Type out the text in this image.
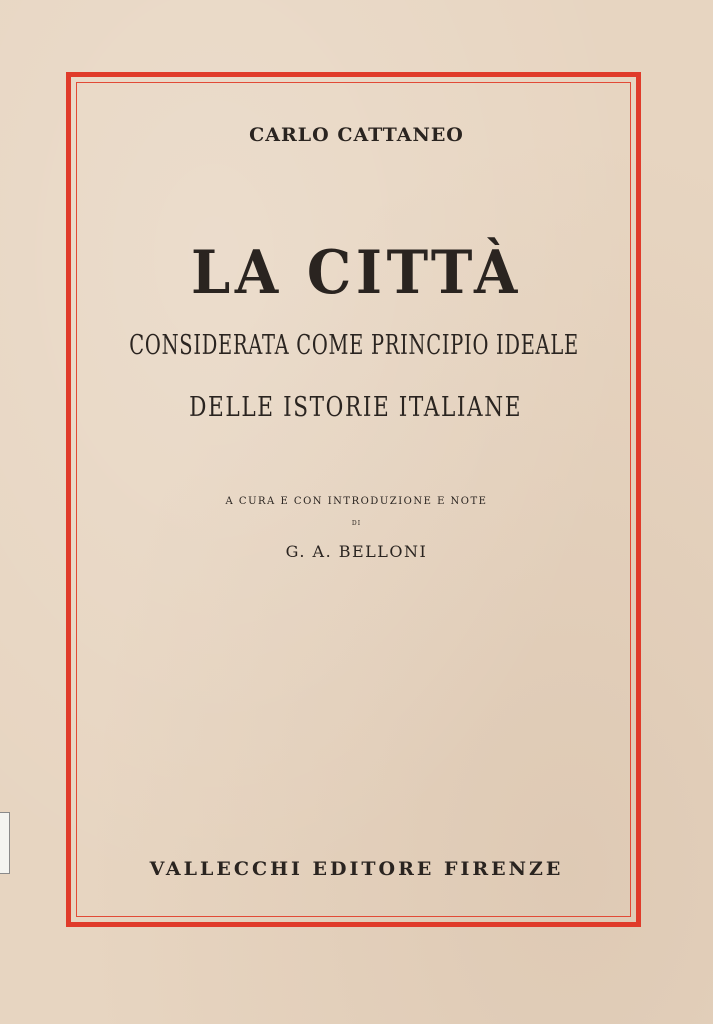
CARLO CATTANEO
LA CITTÀ
CONSIDERATA COME PRINCIPIO IDEALE
DELLE ISTORIE ITALIANE
A CURA E CON INTRODUZIONE E NOTE
DI
G. A. BELLONI
VALLECCHI EDITORE FIRENZE
